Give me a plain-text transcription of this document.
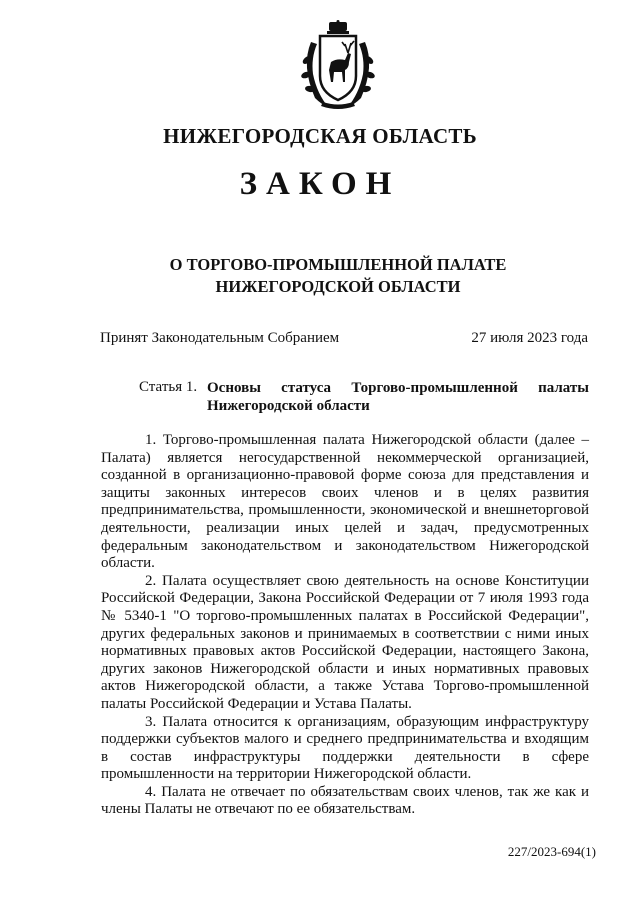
НИЖЕГОРОДСКАЯ ОБЛАСТЬ
ЗАКОН
О ТОРГОВО-ПРОМЫШЛЕННОЙ ПАЛАТЕ НИЖЕГОРОДСКОЙ ОБЛАСТИ
Принят Законодательным Собранием	27 июля 2023 года
Статья 1. Основы статуса Торгово-промышленной палаты Нижегородской области

1. Торгово-промышленная палата Нижегородской области (далее – Палата) является негосударственной некоммерческой организацией, созданной в организационно-правовой форме союза для представления и защиты законных интересов своих членов и в целях развития предпринимательства, промышленности, экономической и внешнеторговой деятельности, реализации иных целей и задач, предусмотренных федеральным законодательством и законодательством Нижегородской области.

2. Палата осуществляет свою деятельность на основе Конституции Российской Федерации, Закона Российской Федерации от 7 июля 1993 года № 5340-1 "О торгово-промышленных палатах в Российской Федерации", других федеральных законов и принимаемых в соответствии с ними иных нормативных правовых актов Российской Федерации, настоящего Закона, других законов Нижегородской области и иных нормативных правовых актов Нижегородской области, а также Устава Торгово-промышленной палаты Российской Федерации и Устава Палаты.

3. Палата относится к организациям, образующим инфраструктуру поддержки субъектов малого и среднего предпринимательства и входящим в состав инфраструктуры поддержки деятельности в сфере промышленности на территории Нижегородской области.

4. Палата не отвечает по обязательствам своих членов, так же как и члены Палаты не отвечают по ее обязательствам.

227/2023-694(1)
